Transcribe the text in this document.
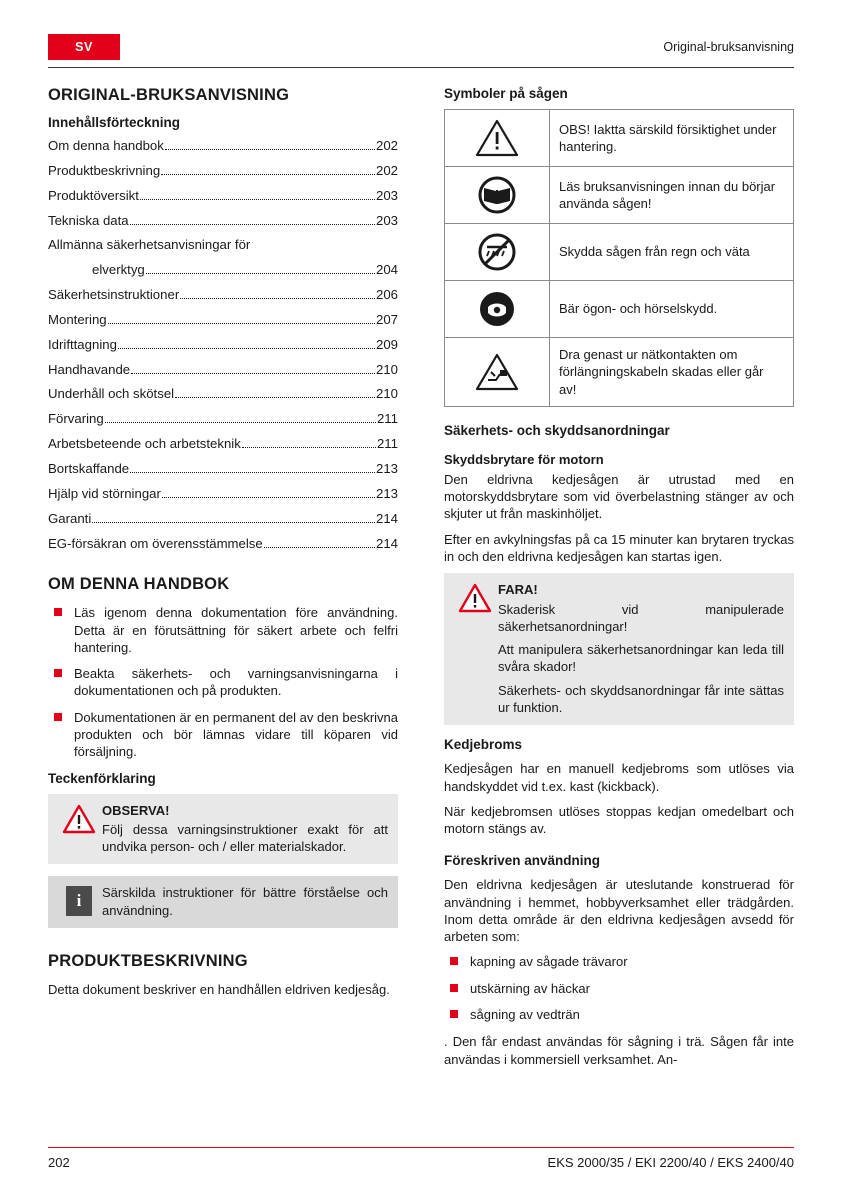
SV	Original-bruksanvisning
ORIGINAL-BRUKSANVISNING
Innehållsförteckning
Om denna handbok	202
Produktbeskrivning	202
Produktöversikt	203
Tekniska data	203
Allmänna säkerhetsanvisningar för
elverktyg	204
Säkerhetsinstruktioner	206
Montering	207
Idrifttagning	209
Handhavande	210
Underhåll och skötsel	210
Förvaring	211
Arbetsbeteende och arbetsteknik	211
Bortskaffande	213
Hjälp vid störningar	213
Garanti	214
EG-försäkran om överensstämmelse	214
OM DENNA HANDBOK
Läs igenom denna dokumentation före användning. Detta är en förutsättning för säkert arbete och felfri hantering.
Beakta säkerhets- och varningsanvisningarna i dokumentationen och på produkten.
Dokumentationen är en permanent del av den beskrivna produkten och bör lämnas vidare till köparen vid försäljning.
Teckenförklaring
OBSERVA!
Följ dessa varningsinstruktioner exakt för att undvika person- och / eller materialskador.
i	Särskilda instruktioner för bättre förståelse och användning.
PRODUKTBESKRIVNING

Detta dokument beskriver en handhållen eldriven kedjesåg.

Symboler på sågen
	OBS! Iaktta särskild försiktighet under hantering.

	Läs bruksanvisningen innan du börjar använda sågen!

	Skydda sågen från regn och väta

	Bär ögon- och hörselskydd.

	Dra genast ur nätkontakten om förlängningskabeln skadas eller går av!
Säkerhets- och skyddsanordningar
Skyddsbrytare för motorn

Den eldrivna kedjesågen är utrustad med en motorskyddsbrytare som vid överbelastning stänger av och skjuter ut från maskinhöljet.

Efter en avkylningsfas på ca 15 minuter kan brytaren tryckas in och den eldrivna kedjesågen kan startas igen.

FARA!

Skaderisk vid manipulerade säkerhetsanordningar!

Att manipulera säkerhetsanordningar kan leda till svåra skador!

Säkerhets- och skyddsanordningar får inte sättas ur funktion.

Kedjebroms

Kedjesågen har en manuell kedjebroms som utlöses via handskyddet vid t.ex. kast (kickback).

När kedjebromsen utlöses stoppas kedjan omedelbart och motorn stängs av.

Föreskriven användning

Den eldrivna kedjesågen är uteslutande konstruerad för användning i hemmet, hobbyverksamhet eller trädgården. Inom detta område är den eldrivna kedjesågen avsedd för arbeten som:

kapning av sågade trävaror
utskärning av häckar
sågning av vedträn

. Den får endast användas för sågning i trä. Sågen får inte användas i kommersiell verksamhet. An-

202	EKS 2000/35 / EKI 2200/40 / EKS 2400/40
